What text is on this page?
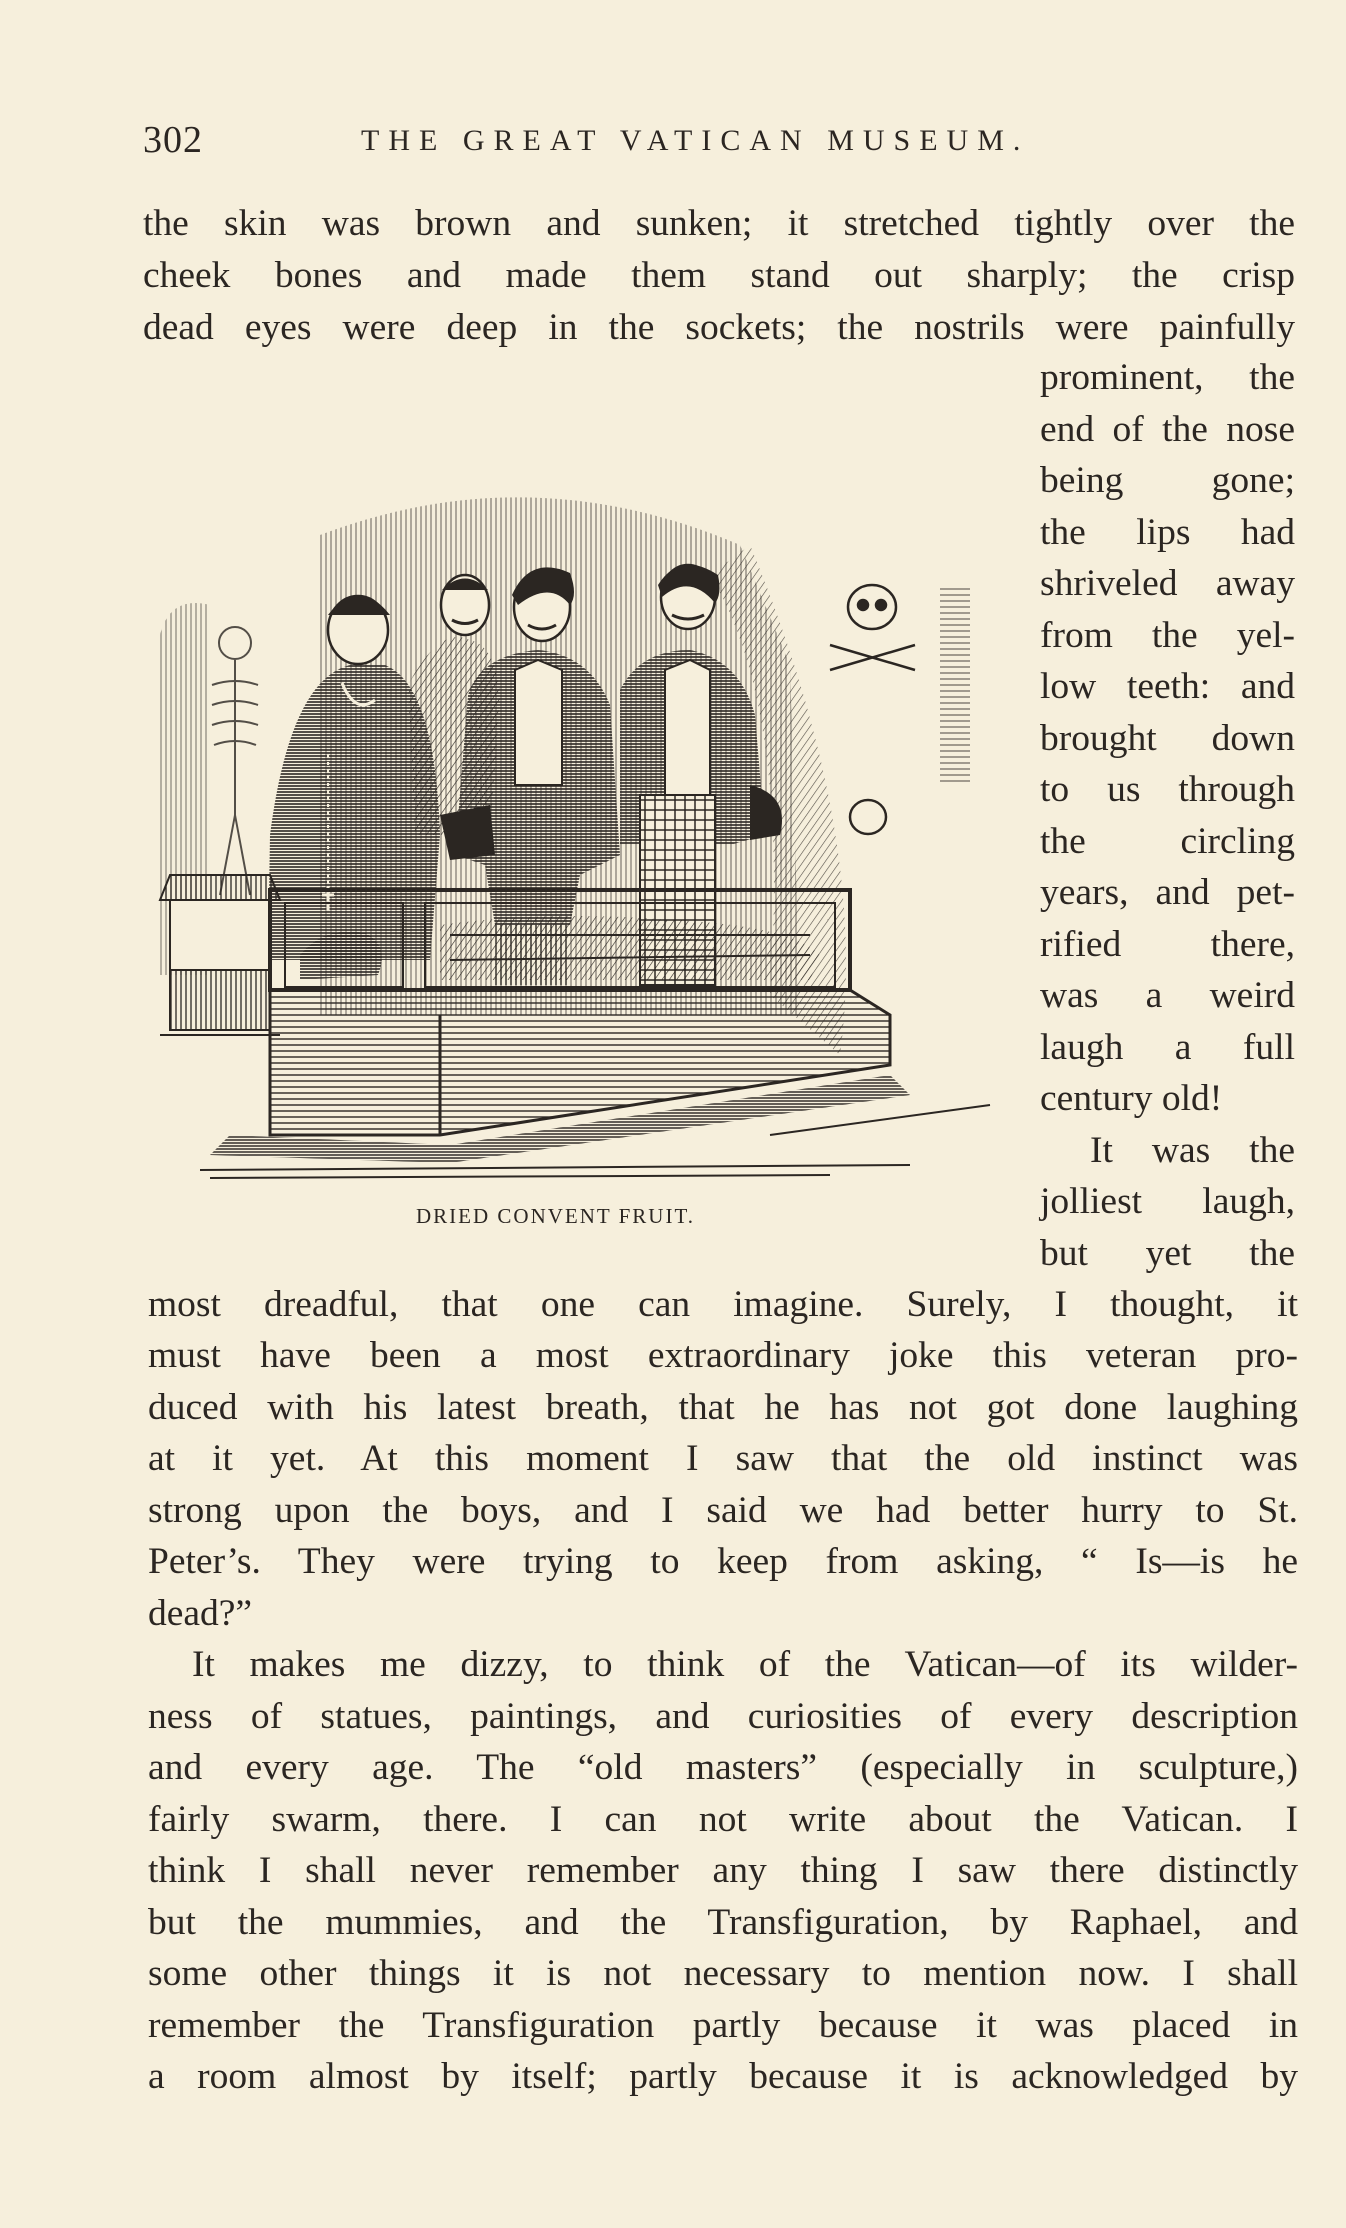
302	THE GREAT VATICAN MUSEUM.
the skin was brown and sunken; it stretched tightly over the
cheek bones and made them stand out sharply; the crisp
dead eyes were deep in the sockets; the nostrils were painfully
DRIED CONVENT FRUIT.
prominent, the
end of the nose
being gone;
the lips had
shriveled away
from the yel-
low teeth: and
brought down
to us through
the circling
years, and pet-
rified there,
was a weird
laugh a full
century old!
It was the
jolliest laugh,
but yet the
most dreadful, that one can imagine. Surely, I thought, it
must have been a most extraordinary joke this veteran pro-
duced with his latest breath, that he has not got done laughing
at it yet. At this moment I saw that the old instinct was
strong upon the boys, and I said we had better hurry to St.
Peter’s. They were trying to keep from asking, “ Is—is he
dead?”
It makes me dizzy, to think of the Vatican—of its wilder-
ness of statues, paintings, and curiosities of every description
and every age. The “old masters” (especially in sculpture,)
fairly swarm, there. I can not write about the Vatican. I
think I shall never remember any thing I saw there distinctly
but the mummies, and the Transfiguration, by Raphael, and
some other things it is not necessary to mention now. I shall
remember the Transfiguration partly because it was placed in
a room almost by itself; partly because it is acknowledged by
